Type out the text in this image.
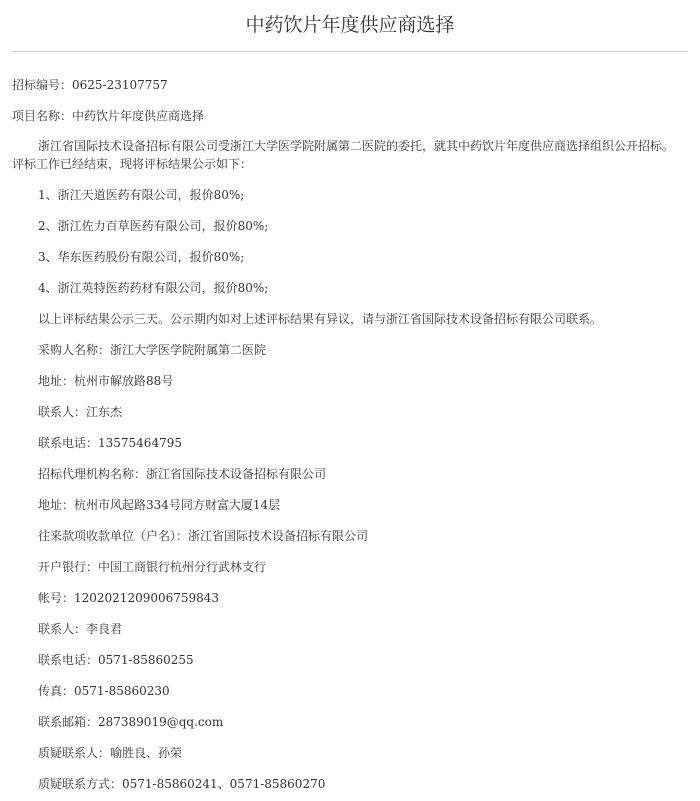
中药饮片年度供应商选择
招标编号：0625-23107757
项目名称：中药饮片年度供应商选择
浙江省国际技术设备招标有限公司受浙江大学医学院附属第二医院的委托，就其中药饮片年度供应商选择组织公开招标。
评标工作已经结束，现将评标结果公示如下：
1、浙江天道医药有限公司，报价80%;
2、浙江佐力百草医药有限公司，报价80%;
3、华东医药股份有限公司，报价80%;
4、浙江英特医药药材有限公司，报价80%;
以上评标结果公示三天。公示期内如对上述评标结果有异议，请与浙江省国际技术设备招标有限公司联系。
采购人名称：浙江大学医学院附属第二医院
地址：杭州市解放路88号
联系人：江东杰
联系电话：13575464795
招标代理机构名称：浙江省国际技术设备招标有限公司
地址：杭州市风起路334号同方财富大厦14层
往来款项收款单位（户名）：浙江省国际技术设备招标有限公司
开户银行：中国工商银行杭州分行武林支行
帐号：1202021209006759843
联系人：李良君
联系电话：0571-85860255
传真：0571-85860230
联系邮箱：287389019@qq.com
质疑联系人：喻胜良、孙荣
质疑联系方式：0571-85860241、0571-85860270
